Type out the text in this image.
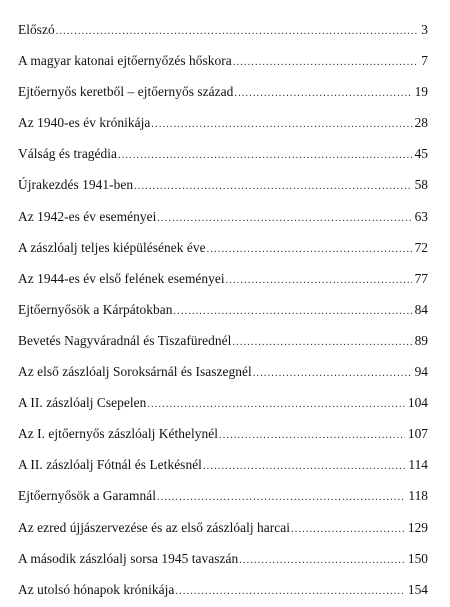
Előszó .....	3
A magyar katonai ejtőernyőzés hőskora .....	7
Ejtőernyős keretből – ejtőernyős század .....	19
Az 1940-es év krónikája .....	28
Válság és tragédia .....	45
Újrakezdés 1941-ben .....	58
Az 1942-es év eseményei .....	63
A zászlóalj teljes kiépülésének éve .....	72
Az 1944-es év első felének eseményei .....	77
Ejtőernyősök a Kárpátokban .....	84
Bevetés Nagyváradnál és Tiszafürednél .....	89
Az első zászlóalj Soroksárnál és Isaszegnél .....	94
A II. zászlóalj Csepelen .....	104
Az I. ejtőernyős zászlóalj Kéthelynél .....	107
A II. zászlóalj Fótnál és Letkésnél .....	114
Ejtőernyősök a Garamnál .....	118
Az ezred újjászervezése és az első zászlóalj harcai .....	129
A második zászlóalj sorsa 1945 tavaszán .....	150
Az utolsó hónapok krónikája .....	154
